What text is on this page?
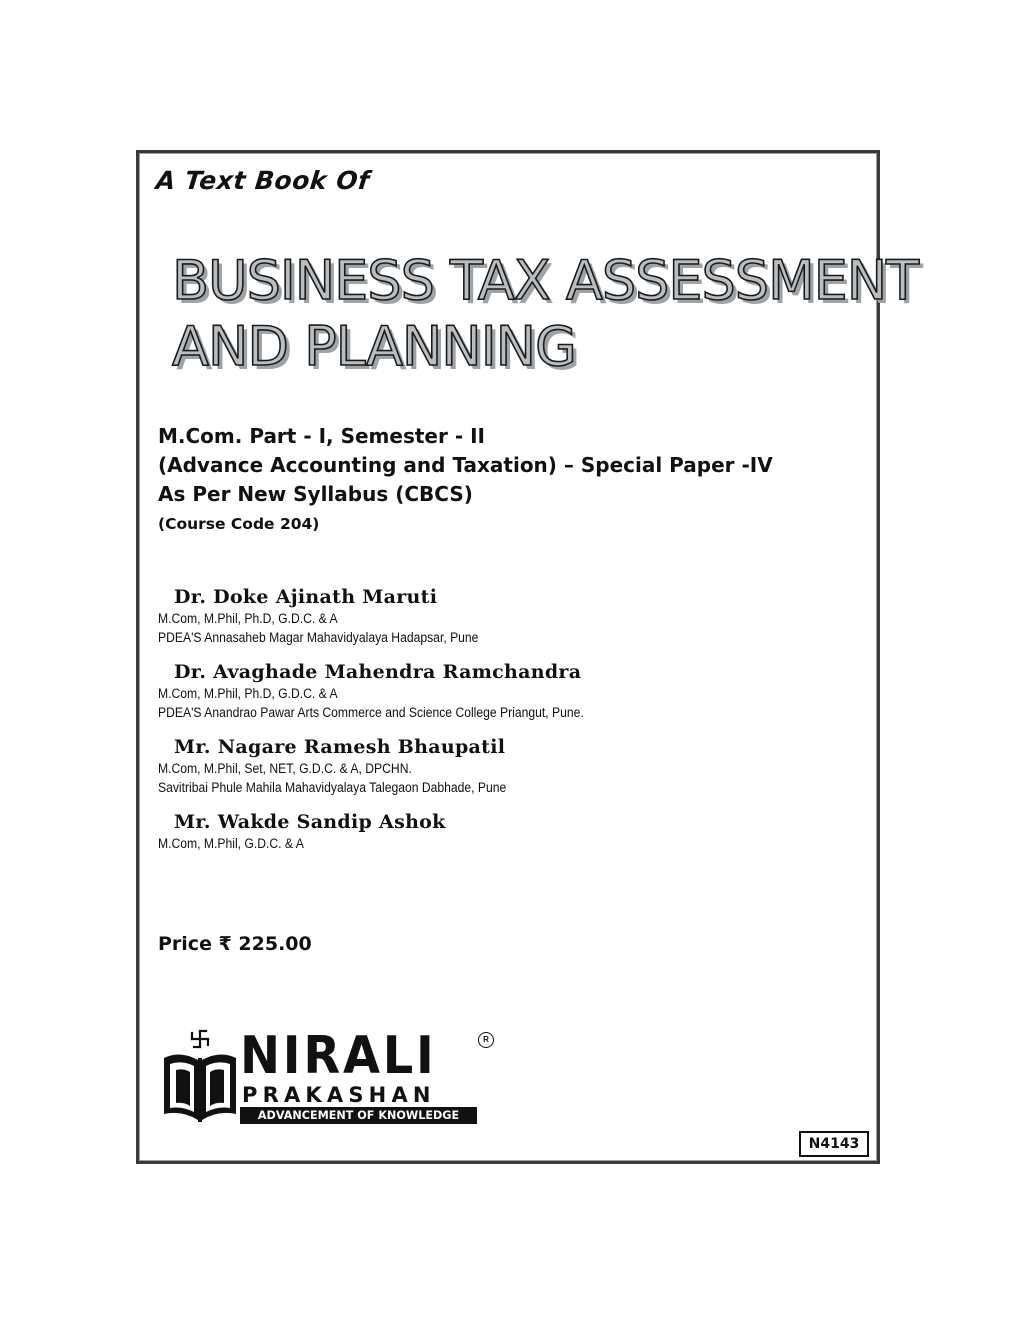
A Text Book Of
BUSINESS TAX ASSESSMENT
AND PLANNING
M.Com. Part - I, Semester - II
(Advance Accounting and Taxation) – Special Paper -IV
As Per New Syllabus (CBCS)
(Course Code 204)
Dr. Doke Ajinath Maruti
M.Com, M.Phil, Ph.D, G.D.C. & A
PDEA'S Annasaheb Magar Mahavidyalaya Hadapsar, Pune
Dr. Avaghade Mahendra Ramchandra
M.Com, M.Phil, Ph.D, G.D.C. & A
PDEA'S Anandrao Pawar Arts Commerce and Science College Priangut, Pune.
Mr. Nagare Ramesh Bhaupatil
M.Com, M.Phil, Set, NET, G.D.C. & A, DPCHN.
Savitribai Phule Mahila Mahavidyalaya Talegaon Dabhade, Pune
Mr. Wakde Sandip Ashok
M.Com, M.Phil, G.D.C. & A
Price ₹ 225.00
NIRALI	R
PRAKASHAN
ADVANCEMENT OF KNOWLEDGE
N4143
